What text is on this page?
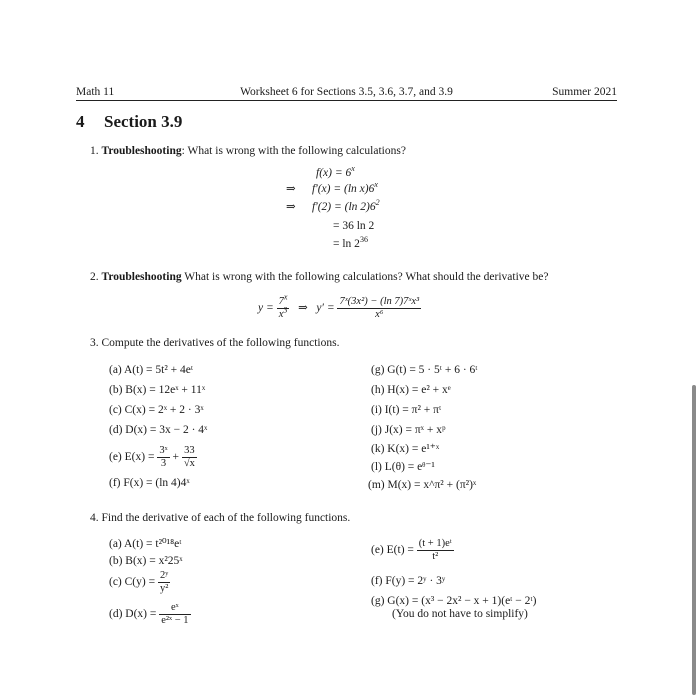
Math 11	Worksheet 6 for Sections 3.5, 3.6, 3.7, and 3.9	Summer 2021
4 Section 3.9
1. Troubleshooting: What is wrong with the following calculations?
$f(x) = 6^x$
⇒ f′(x) = (ln x)6$^x$
⇒ f′(2) = (ln $2)6^2$
= 36 ln 2
= $\ln 2^{36}$
2. Troubleshooting What is wrong with the following calculations? What should the derivative be?
$y = \frac{7^x}{x^3}$ ⇒ $y' = \frac{\text{7ˣ(3x²) − (ln 7)7ˣx³}}{\text{x⁶}}$
3. Compute the derivatives of the following functions.
(a) A(t) = 5t² + 4eᵗ
(b) B(x) = 12eˣ + 11ˣ
(c) C(x) = 2ˣ + 2 · 3ˣ
(d) D(x) = 3x − 2 · 4ˣ
(e) $E(x) = \frac{\text{3ˣ}}{3} + \frac{33}{√x}$
(f) F(x) = (ln 4)4ˣ
(g) G(t) = 5 · 5ᵗ + 6 · 6ᵗ
(h) H(x) = e² + xᵉ
(i) I(t) = π² + πᵗ
(j) J(x) = πˣ + xᵖ
(k) K(x) = e¹⁺ˣ
(l) L(θ) = eᶿ⁻¹
(m) M(x) = x^π² + (π²)ˣ
4. Find the derivative of each of the following functions.
(a) A(t) = t²⁰¹⁸eᵗ
(b) B(x) = x²25ˣ
(c) $C(y) = \frac{\text{2ʸ}}{\text{y²}}$
(d) $D(x) = \frac{\text{eˣ}}{\text{e²ˣ − 1}}$
(e) $E(t) = \frac{\text{(t + 1)eᵗ}}{\text{t²}}$
(f) F(y) = 2ʸ · 3ʸ
(g) G(x) = (x³ − 2x² − x + 1)(eᵗ − 2ᵗ)
(You do not have to simplify)
